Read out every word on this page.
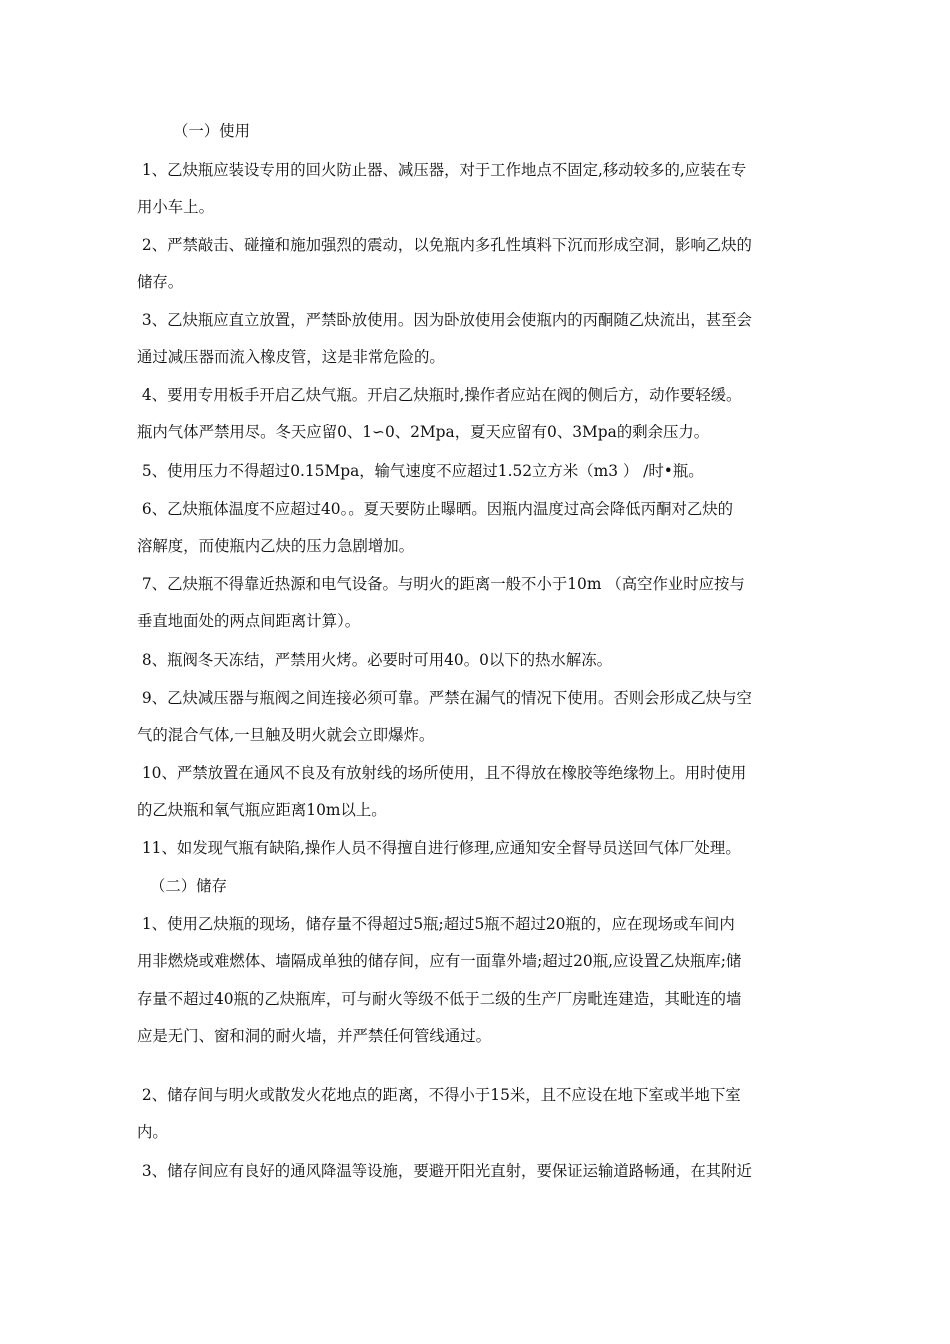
（一）使用
1、乙炔瓶应装设专用的回火防止器、减压器，对于工作地点不固定,移动较多的,应装在专
用小车上。
2、严禁敲击、碰撞和施加强烈的震动，以免瓶内多孔性填料下沉而形成空洞，影响乙炔的
储存。
3、乙炔瓶应直立放置，严禁卧放使用。因为卧放使用会使瓶内的丙酮随乙炔流出，甚至会
通过减压器而流入橡皮管，这是非常危险的。
4、要用专用板手开启乙炔气瓶。开启乙炔瓶时,操作者应站在阀的侧后方，动作要轻缓。
瓶内气体严禁用尽。冬天应留0、1∽0、2Mpa，夏天应留有0、3Mpa的剩余压力。
5、使用压力不得超过0.15Mpa，输气速度不应超过1.52立方米（m3 ） /时•瓶。
6、乙炔瓶体温度不应超过40。。夏天要防止曝晒。因瓶内温度过高会降低丙酮对乙炔的
溶解度，而使瓶内乙炔的压力急剧增加。
7、乙炔瓶不得靠近热源和电气设备。与明火的距离一般不小于10m （高空作业时应按与
垂直地面处的两点间距离计算）。
8、瓶阀冬天冻结，严禁用火烤。必要时可用40。0以下的热水解冻。
9、乙炔减压器与瓶阀之间连接必须可靠。严禁在漏气的情况下使用。否则会形成乙炔与空
气的混合气体,一旦触及明火就会立即爆炸。
10、严禁放置在通风不良及有放射线的场所使用，且不得放在橡胶等绝缘物上。用时使用
的乙炔瓶和氧气瓶应距离10m以上。
11、如发现气瓶有缺陷,操作人员不得擅自进行修理,应通知安全督导员送回气体厂处理。
（二）储存
1、使用乙炔瓶的现场，储存量不得超过5瓶;超过5瓶不超过20瓶的，应在现场或车间内
用非燃烧或难燃体、墙隔成单独的储存间，应有一面靠外墙;超过20瓶,应设置乙炔瓶库;储
存量不超过40瓶的乙炔瓶库，可与耐火等级不低于二级的生产厂房毗连建造，其毗连的墙
应是无门、窗和洞的耐火墙，并严禁任何管线通过。
2、储存间与明火或散发火花地点的距离，不得小于15米，且不应设在地下室或半地下室
内。
3、储存间应有良好的通风降温等设施，要避开阳光直射，要保证运输道路畅通，在其附近
